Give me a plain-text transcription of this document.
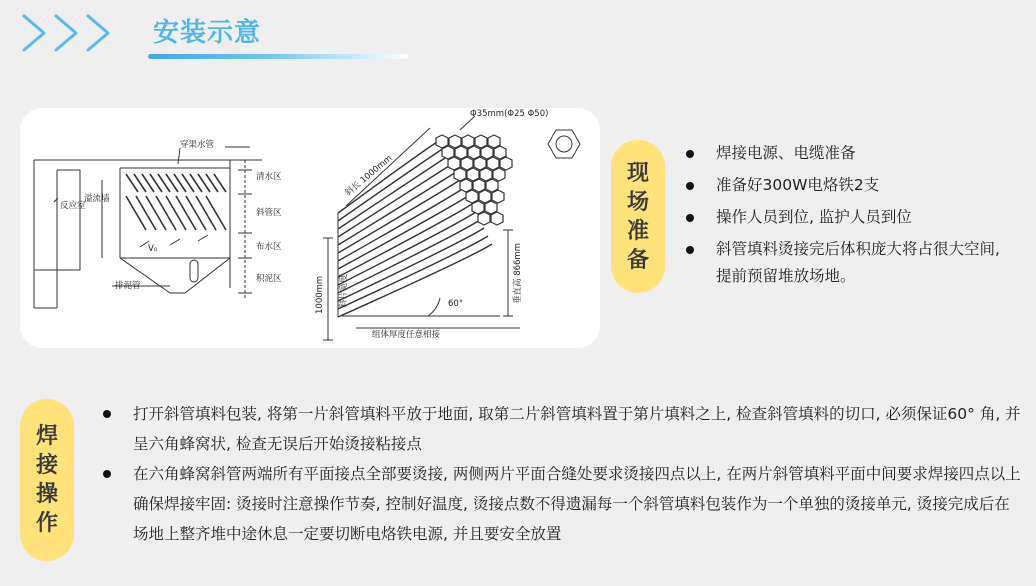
安装示意
穿渠水管
清水区
斜管区
布水区
积泥区
反应室
溢流墙
排泥管
V₀
Φ35mm(Φ25 Φ50)
斜长 1000mm
垂直高 866mm
1000mm 斜片宽度	60°
组体厚度任意相接
现
场
准
备
焊接电源、电缆准备
准备好300W电烙铁2支
操作人员到位, 监护人员到位
斜管填料烫接完后体积庞大将占很大空间, 提前预留堆放场地。
焊
接
操
作
打开斜管填料包装, 将第一片斜管填料平放于地面, 取第二片斜管填料置于第片填料之上, 检查斜管填料的切口, 必须保证60° 角, 并呈六角蜂窝状, 检查无误后开始烫接粘接点
在六角蜂窝斜管两端所有平面接点全部要烫接, 两侧两片平面合缝处要求烫接四点以上, 在两片斜管填料平面中间要求焊接四点以上确保焊接牢固: 烫接时注意操作节奏, 控制好温度, 烫接点数不得遗漏每一个斜管填料包装作为一个单独的烫接单元, 烫接完成后在场地上整齐堆中途休息一定要切断电烙铁电源, 并且要安全放置
